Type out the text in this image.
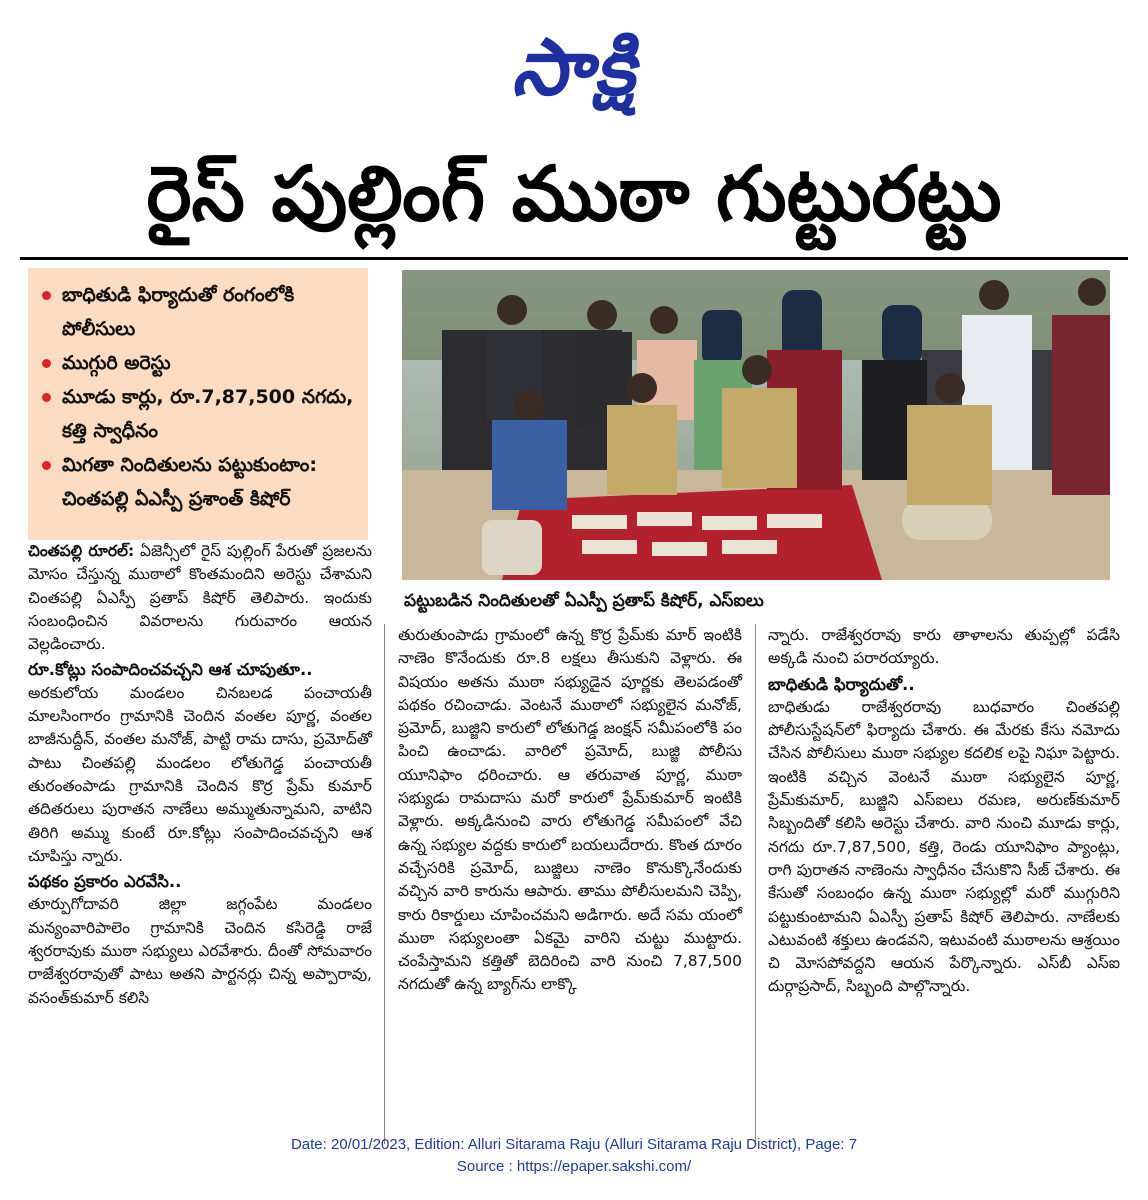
సాక్షి
రైస్ పుల్లింగ్ ముఠా గుట్టురట్టు
బాధితుడి ఫిర్యాదుతో రంగంలోకి పోలీసులు
ముగ్గురి అరెస్టు
మూడు కార్లు, రూ.7,87,500 నగదు, కత్తి స్వాధీనం
మిగతా నిందితులను పట్టుకుంటాం: చింతపల్లి ఏఎస్పీ ప్రశాంత్ కిషోర్
పట్టుబడిన నిందితులతో ఏఎస్పీ ప్రతాప్ కిషోర్, ఎస్‌ఐలు

చింతపల్లి రూరల్‌: ఏజెన్సీలో రైస్ పుల్లింగ్ పేరుతో ప్రజలను మోసం చేస్తున్న ముఠాలో కొంతమందిని అరెస్టు చేశామని చింతపల్లి ఏఎస్పీ ప్రతాప్ కిషోర్ తెలిపారు. ఇందుకు సంబంధించిన వివరాలను గురువారం ఆయన వెల్లడించారు.

రూ.కోట్లు సంపాదించవచ్చని ఆశ చూపుతూ..

అరకులోయ మండలం చినబలడ పంచాయతీ మాలసింగారం గ్రామానికి చెందిన వంతల పూర్ణ, వంతల బాజీనుద్దీన్, వంతల మనోజ్, పాట్టి రామ దాసు, ప్రమోద్‌తో పాటు చింతపల్లి మండలం లోతుగెడ్డ పంచాయతీ తురంతంపాడు గ్రామానికి చెందిన కొర్ర ప్రేమ్ కుమార్ తదితరులు పురాతన నాణేలు అమ్ముతున్నామని, వాటిని తిరిగి అమ్ము కుంటే రూ.కోట్లు సంపాదించవచ్చని ఆశ చూపిస్తు న్నారు.

పథకం ప్రకారం ఎరవేసి..

తూర్పుగోదావరి జిల్లా జగ్గంపేట మండలం మన్యంవారిపాలెం గ్రామానికి చెందిన కసిరెడ్డి రాజే శ్వరరావుకు ముఠా సభ్యులు ఎరవేశారు. దీంతో సోమవారం రాజేశ్వరరావుతో పాటు అతని పార్టనర్లు చిన్న అప్పారావు, వసంత్‌కుమార్ కలిసి

తురుతుంపాడు గ్రామంలో ఉన్న కొర్ర ప్రేమ్‌కు మార్ ఇంటికి నాణెం కొనేందుకు రూ.8 లక్షలు తీసుకుని వెళ్లారు. ఈ విషయం అతను ముఠా సభ్యుడైన పూర్ణకు తెలపడంతో పథకం రచించాడు. వెంటనే ముఠాలో సభ్యులైన మనోజ్, ప్రమోద్, బుజ్జిని కారులో లోతుగెడ్డ జంక్షన్ సమీపంలోకి పం పించి ఉంచాడు. వారిలో ప్రమోద్, బుజ్జి పోలీసు యూనిఫాం ధరించారు. ఆ తరువాత పూర్ణ, ముఠా సభ్యుడు రామదాసు మరో కారులో ప్రేమ్‌కుమార్ ఇంటికి వెళ్లారు. అక్కడినుంచి వారు లోతుగెడ్డ సమీపంలో వేచి ఉన్న సభ్యుల వద్దకు కారులో బయలుదేరారు. కొంత దూరం వచ్చేసరికి ప్రమోద్, బుజ్జిలు నాణెం కొనుక్కొనేందుకు వచ్చిన వారి కారును ఆపారు. తాము పోలీసులమని చెప్పి, కారు రికార్డులు చూపించమని అడిగారు. అదే సమ యంలో ముఠా సభ్యులంతా ఏకమై వారిని చుట్టు ముట్టారు. చంపేస్తామని కత్తితో బెదిరించి వారి నుంచి 7,87,500 నగదుతో ఉన్న బ్యాగ్‌ను లాక్కొ

న్నారు. రాజేశ్వరరావు కారు తాళాలను తుప్పల్లో పడేసి అక్కడి నుంచి పరారయ్యారు.

బాధితుడి ఫిర్యాదుతో..

బాధితుడు రాజేశ్వరరావు బుధవారం చింతపల్లి పోలీసుస్టేషన్‌లో ఫిర్యాదు చేశారు. ఈ మేరకు కేసు నమోదు చేసిన పోలీసులు ముఠా సభ్యుల కదలిక లపై నిఘా పెట్టారు. ఇంటికి వచ్చిన వెంటనే ముఠా సభ్యులైన పూర్ణ, ప్రేమ్‌కుమార్, బుజ్జిని ఎస్‌ఐలు రమణ, అరుణ్‌కుమార్ సిబ్బందితో కలిసి అరెస్టు చేశారు. వారి నుంచి మూడు కార్లు, నగదు రూ.7,87,500, కత్తి, రెండు యూనిఫాం ప్యాంట్లు, రాగి పురాతన నాణెంను స్వాధీనం చేసుకొని సీజ్ చేశారు. ఈ కేసుతో సంబంధం ఉన్న ముఠా సభ్యుల్లో మరో ముగ్గురిని పట్టుకుంటామని ఏఎస్పీ ప్రతాప్ కిషోర్ తెలిపారు. నాణేలకు ఎటువంటి శక్తులు ఉండవని, ఇటువంటి ముఠాలను ఆశ్రయిం చి మోసపోవద్దని ఆయన పేర్కొన్నారు. ఎస్‌బీ ఎస్‌ఐ దుర్గాప్రసాద్, సిబ్బంది పాల్గొన్నారు.

Date: 20/01/2023, Edition: Alluri Sitarama Raju (Alluri Sitarama Raju District), Page: 7
Source : https://epaper.sakshi.com/
